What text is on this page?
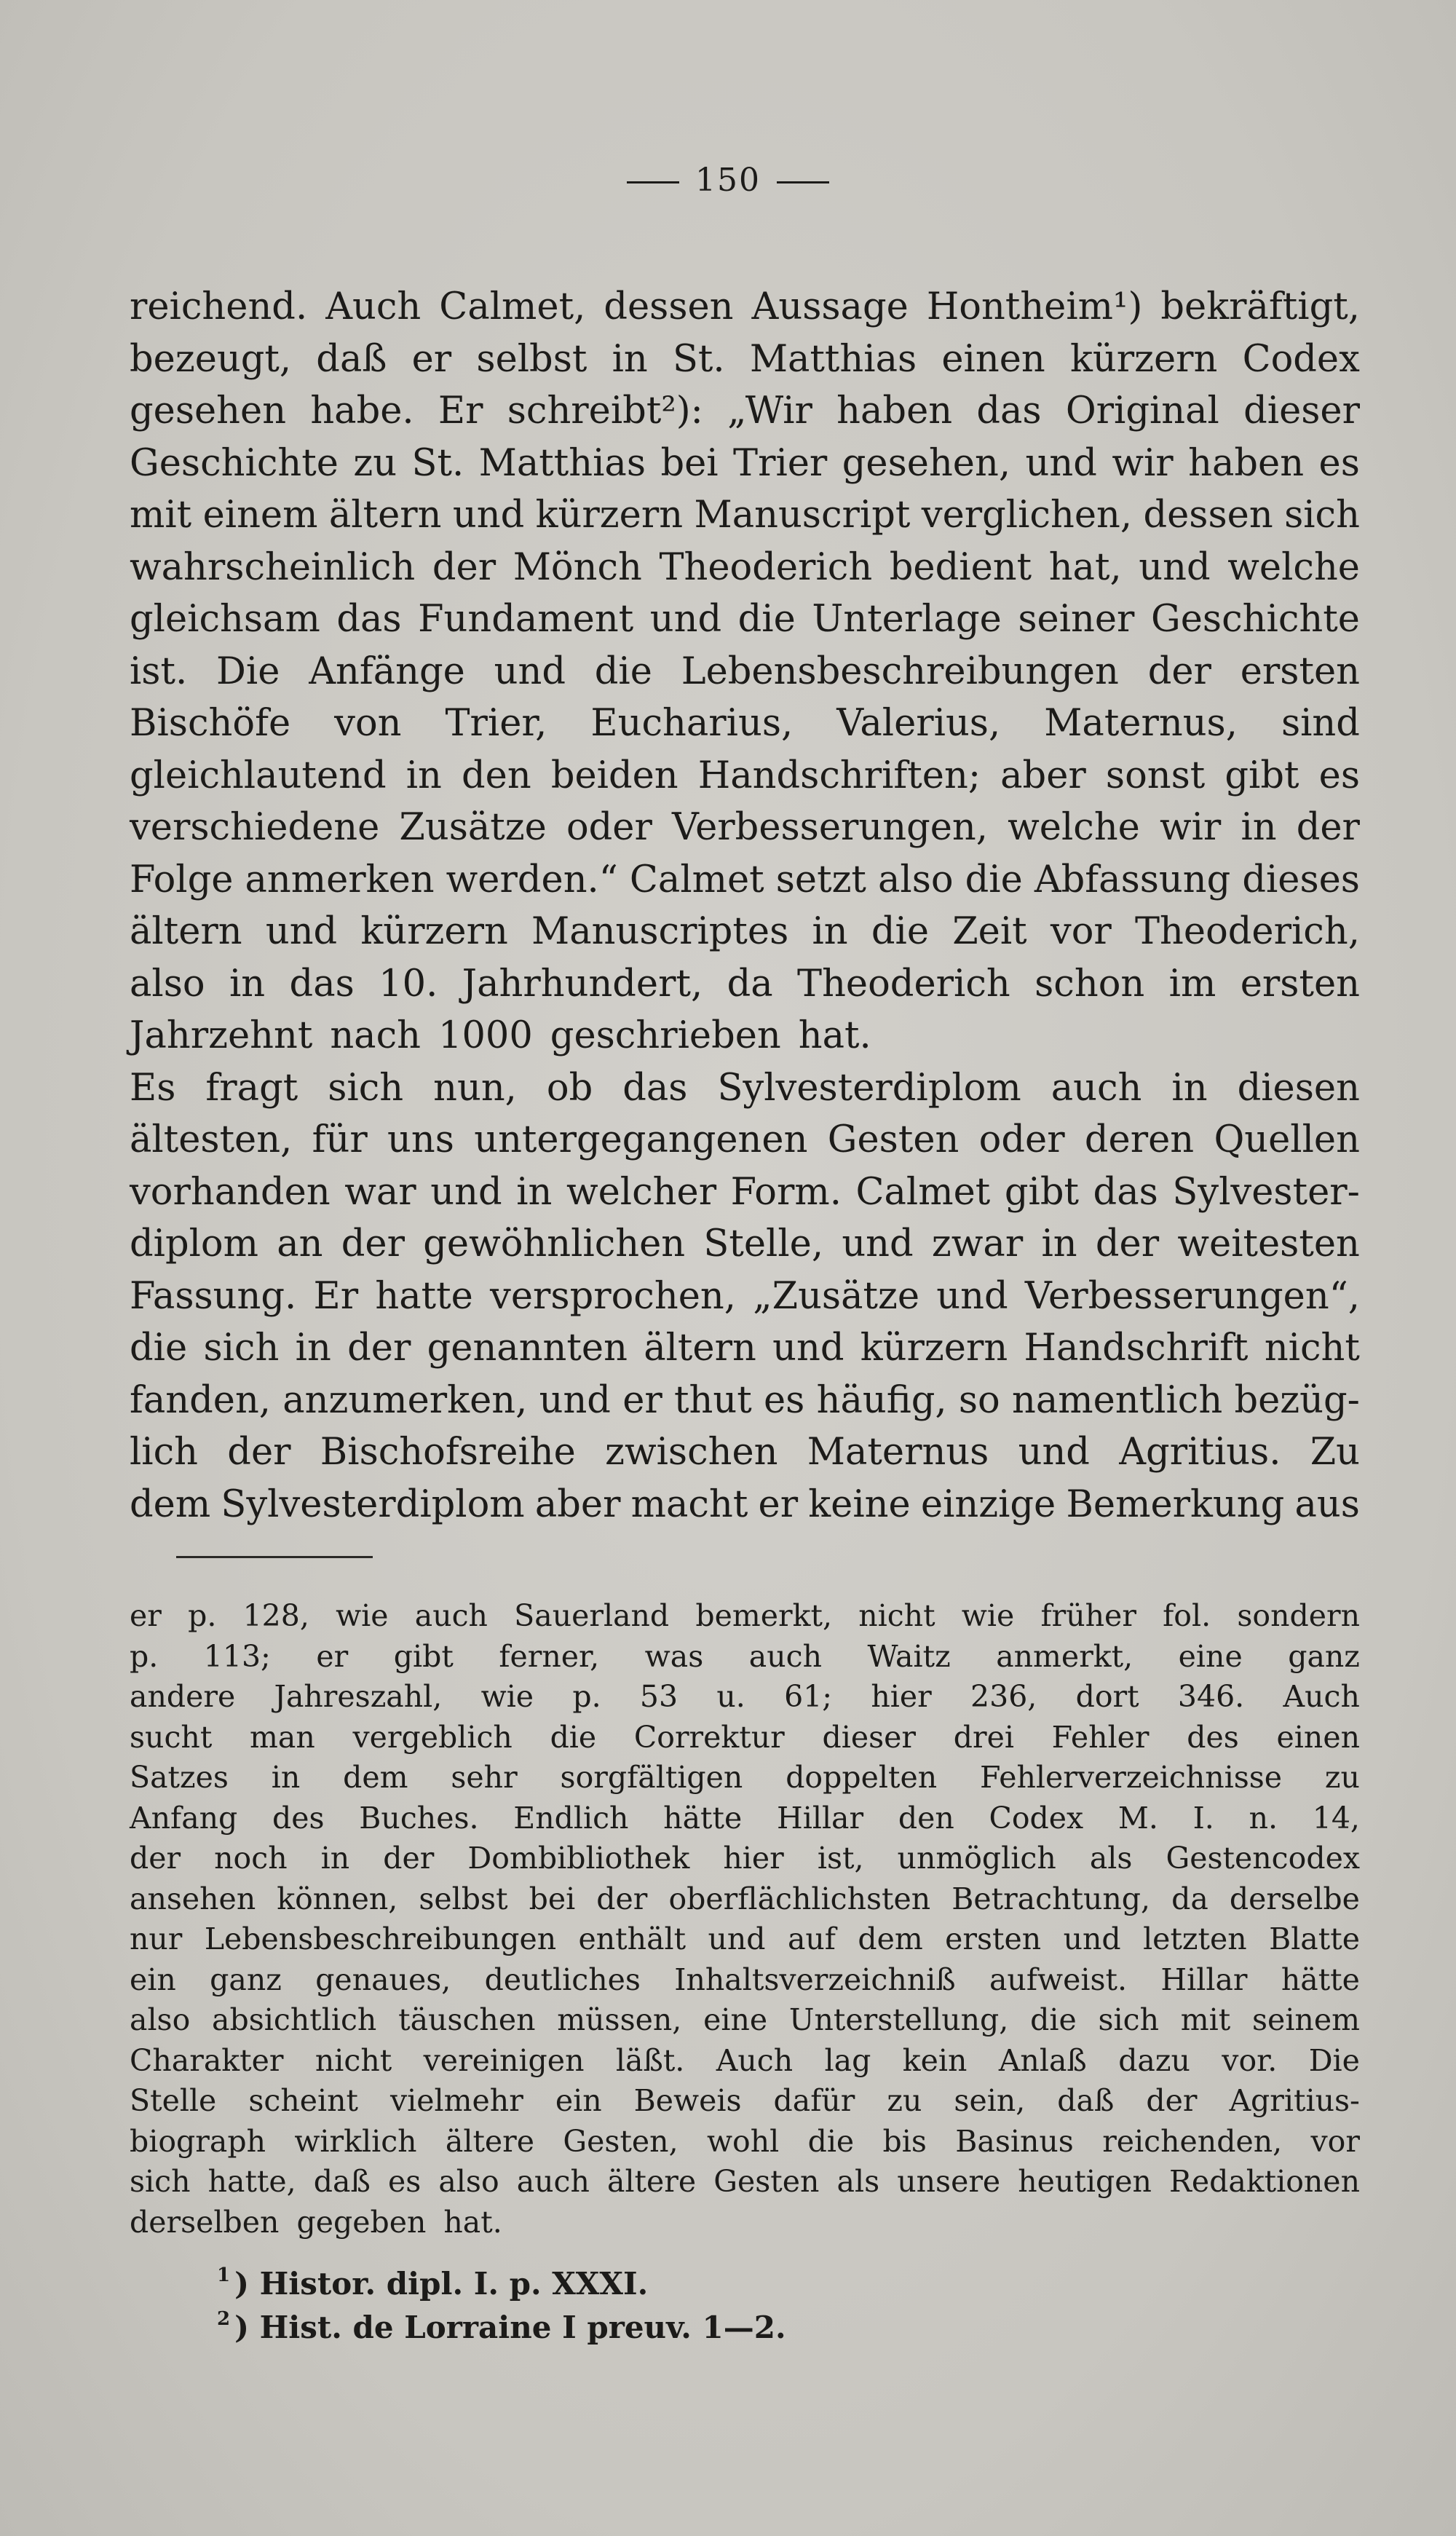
150
reichend. Auch Calmet, dessen Aussage Hontheim¹) bekräftigt,
bezeugt, daß er selbst in St. Matthias einen kürzern Codex
gesehen habe. Er schreibt²): „Wir haben das Original dieser
Geschichte zu St. Matthias bei Trier gesehen, und wir haben es
mit einem ältern und kürzern Manuscript verglichen, dessen sich
wahrscheinlich der Mönch Theoderich bedient hat, und welche
gleichsam das Fundament und die Unterlage seiner Geschichte
ist. Die Anfänge und die Lebensbeschreibungen der ersten
Bischöfe von Trier, Eucharius, Valerius, Maternus, sind
gleichlautend in den beiden Handschriften; aber sonst gibt es
verschiedene Zusätze oder Verbesserungen, welche wir in der
Folge anmerken werden.“ Calmet setzt also die Abfassung dieses
ältern und kürzern Manuscriptes in die Zeit vor Theoderich,
also in das 10. Jahrhundert, da Theoderich schon im ersten
Jahrzehnt nach 1000 geschrieben hat.
Es fragt sich nun, ob das Sylvesterdiplom auch in diesen
ältesten, für uns untergegangenen Gesten oder deren Quellen
vorhanden war und in welcher Form. Calmet gibt das Sylvester-
diplom an der gewöhnlichen Stelle, und zwar in der weitesten
Fassung. Er hatte versprochen, „Zusätze und Verbesserungen“,
die sich in der genannten ältern und kürzern Handschrift nicht
fanden, anzumerken, und er thut es häufig, so namentlich bezüg-
lich der Bischofsreihe zwischen Maternus und Agritius. Zu
dem Sylvesterdiplom aber macht er keine einzige Bemerkung aus
er p. 128, wie auch Sauerland bemerkt, nicht wie früher fol. sondern
p. 113; er gibt ferner, was auch Waitz anmerkt, eine ganz
andere Jahreszahl, wie p. 53 u. 61; hier 236, dort 346. Auch
sucht man vergeblich die Correktur dieser drei Fehler des einen
Satzes in dem sehr sorgfältigen doppelten Fehlerverzeichnisse zu
Anfang des Buches. Endlich hätte Hillar den Codex M. I. n. 14,
der noch in der Dombibliothek hier ist, unmöglich als Gestencodex
ansehen können, selbst bei der oberflächlichsten Betrachtung, da derselbe
nur Lebensbeschreibungen enthält und auf dem ersten und letzten Blatte
ein ganz genaues, deutliches Inhaltsverzeichniß aufweist. Hillar hätte
also absichtlich täuschen müssen, eine Unterstellung, die sich mit seinem
Charakter nicht vereinigen läßt. Auch lag kein Anlaß dazu vor. Die
Stelle scheint vielmehr ein Beweis dafür zu sein, daß der Agritius-
biograph wirklich ältere Gesten, wohl die bis Basinus reichenden, vor
sich hatte, daß es also auch ältere Gesten als unsere heutigen Redaktionen
derselben gegeben hat.
$^1$ ) Histor. dipl. I. p. XXXI.
$^2$ ) Hist. de Lorraine I preuv. 1—2.
